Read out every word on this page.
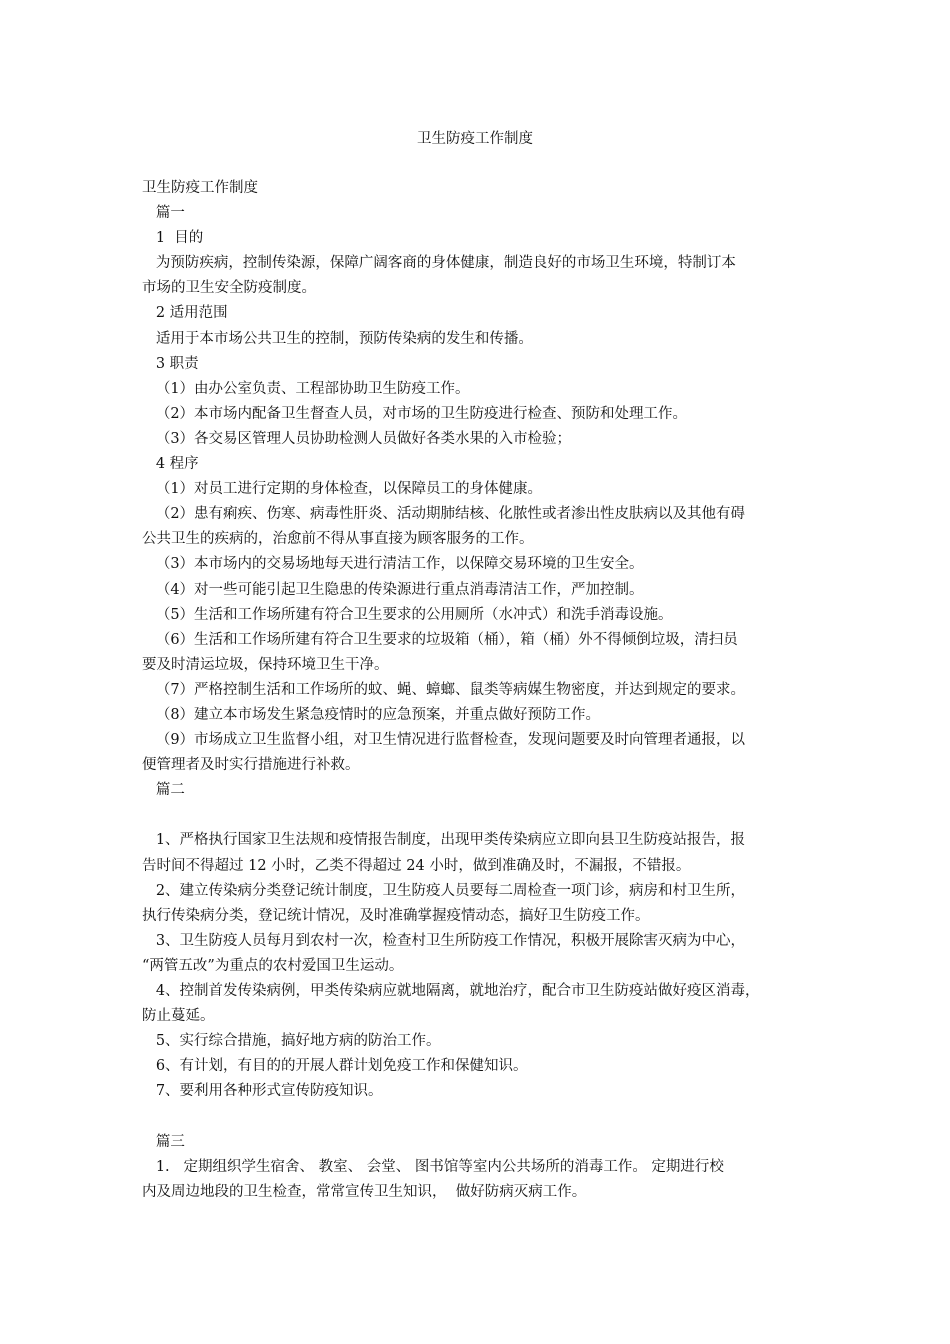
卫生防疫工作制度
卫生防疫工作制度
篇一
1  目的
为预防疾病，控制传染源，保障广阔客商的身体健康，制造良好的市场卫生环境，特制订本
市场的卫生安全防疫制度。
2 适用范围
适用于本市场公共卫生的控制，预防传染病的发生和传播。
3 职责
（1）由办公室负责、工程部协助卫生防疫工作。
（2）本市场内配备卫生督查人员，对市场的卫生防疫进行检查、预防和处理工作。
（3）各交易区管理人员协助检测人员做好各类水果的入市检验；
4 程序
（1）对员工进行定期的身体检查，以保障员工的身体健康。
（2）患有痢疾、伤寒、病毒性肝炎、活动期肺结核、化脓性或者渗出性皮肤病以及其他有碍
公共卫生的疾病的，治愈前不得从事直接为顾客服务的工作。
（3）本市场内的交易场地每天进行清洁工作，以保障交易环境的卫生安全。
（4）对一些可能引起卫生隐患的传染源进行重点消毒清洁工作，严加控制。
（5）生活和工作场所建有符合卫生要求的公用厕所（水冲式）和洗手消毒设施。
（6）生活和工作场所建有符合卫生要求的垃圾箱（桶），箱（桶）外不得倾倒垃圾，清扫员
要及时清运垃圾，保持环境卫生干净。
（7）严格控制生活和工作场所的蚊、蝇、蟑螂、鼠类等病媒生物密度，并达到规定的要求。
（8）建立本市场发生紧急疫情时的应急预案，并重点做好预防工作。
（9）市场成立卫生监督小组，对卫生情况进行监督检查，发现问题要及时向管理者通报，以
便管理者及时实行措施进行补救。
篇二
1、严格执行国家卫生法规和疫情报告制度，出现甲类传染病应立即向县卫生防疫站报告，报
告时间不得超过 12 小时，乙类不得超过 24 小时，做到准确及时，不漏报，不错报。
2、建立传染病分类登记统计制度，卫生防疫人员要每二周检查一项门诊，病房和村卫生所，
执行传染病分类，登记统计情况，及时准确掌握疫情动态，搞好卫生防疫工作。
3、卫生防疫人员每月到农村一次，检查村卫生所防疫工作情况，积极开展除害灭病为中心，
“两管五改”为重点的农村爱国卫生运动。
4、控制首发传染病例，甲类传染病应就地隔离，就地治疗，配合市卫生防疫站做好疫区消毒，
防止蔓延。
5、实行综合措施，搞好地方病的防治工作。
6、有计划，有目的的开展人群计划免疫工作和保健知识。
7、要利用各种形式宣传防疫知识。
篇三
1.   定期组织学生宿舍、 教室、 会堂、 图书馆等室内公共场所的消毒工作。 定期进行校
内及周边地段的卫生检查，常常宣传卫生知识，  做好防病灭病工作。
